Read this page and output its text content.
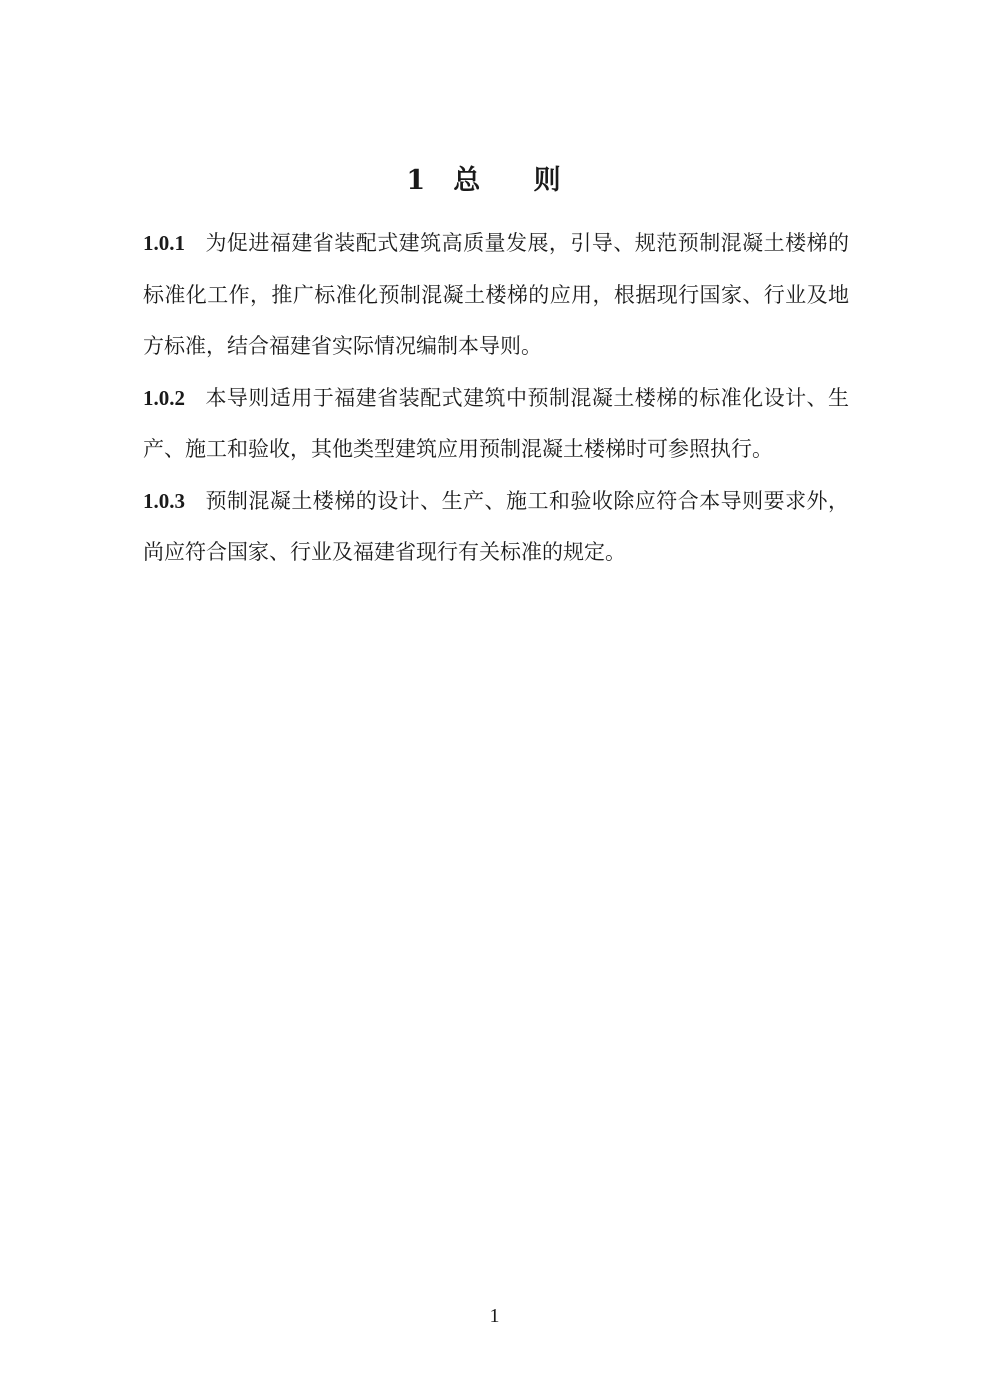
1 总 则

1.0.1 为促进福建省装配式建筑高质量发展，引导、规范预制混凝土楼梯的标准化工作，推广标准化预制混凝土楼梯的应用，根据现行国家、行业及地方标准，结合福建省实际情况编制本导则。

1.0.2 本导则适用于福建省装配式建筑中预制混凝土楼梯的标准化设计、生产、施工和验收，其他类型建筑应用预制混凝土楼梯时可参照执行。

1.0.3 预制混凝土楼梯的设计、生产、施工和验收除应符合本导则要求外，尚应符合国家、行业及福建省现行有关标准的规定。

1
